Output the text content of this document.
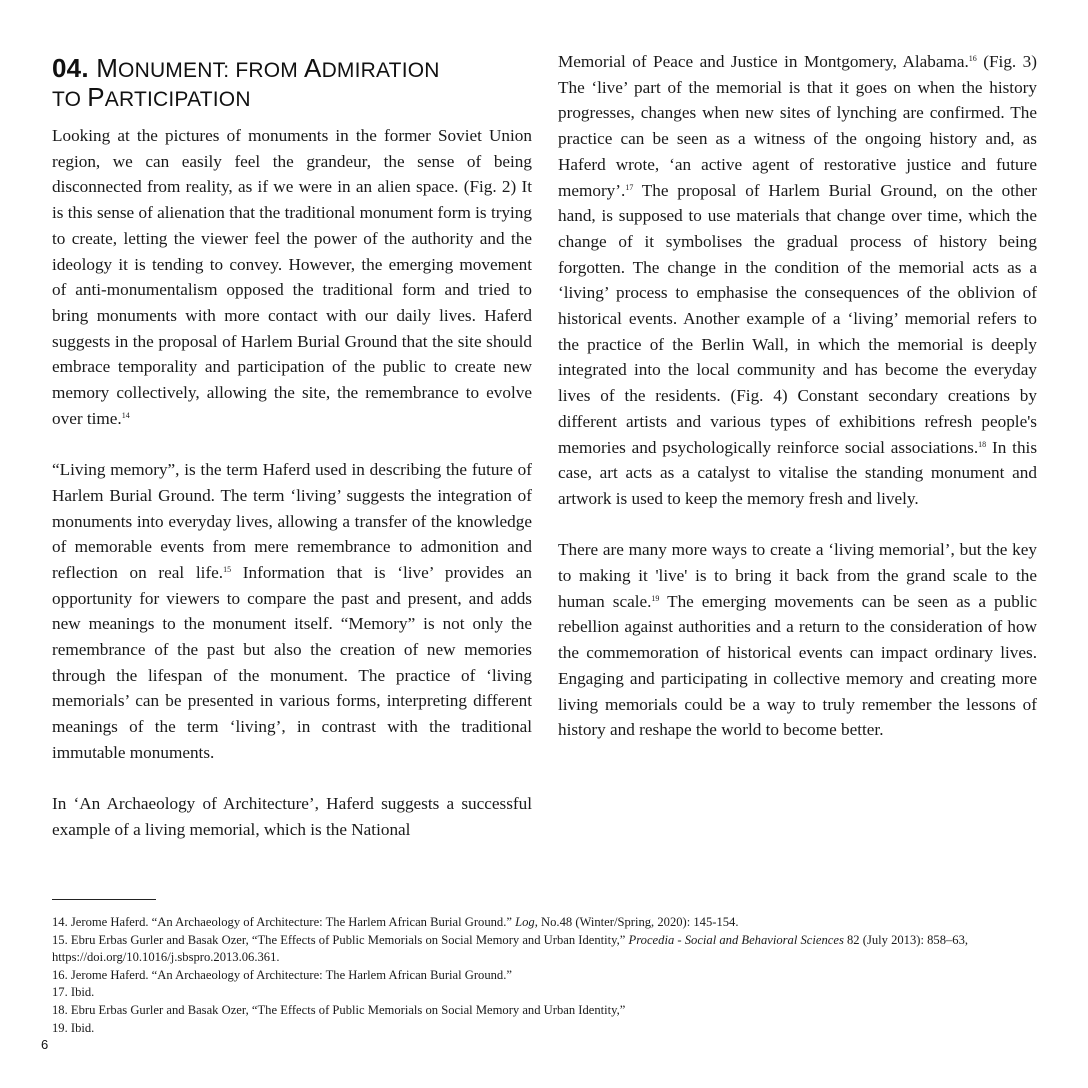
04. MONUMENT: FROM ADMIRATION
TO PARTICIPATION

Looking at the pictures of monuments in the former Soviet Union region, we can easily feel the grandeur, the sense of being disconnected from reality, as if we were in an alien space. (Fig. 2) It is this sense of alienation that the traditional monument form is trying to create, letting the viewer feel the power of the authority and the ideology it is tending to convey. However, the emerging movement of anti-monumentalism opposed the traditional form and tried to bring monuments with more contact with our daily lives. Haferd suggests in the proposal of Harlem Burial Ground that the site should embrace temporality and participation of the public to create new memory collectively, allowing the site, the remembrance to evolve over time.$^{14}$

“Living memory”, is the term Haferd used in describing the future of Harlem Burial Ground. The term ‘living’ suggests the integration of monuments into everyday lives, allowing a transfer of the knowledge of memorable events from mere remembrance to admonition and reflection on real life.$^{15}$ Information that is ‘live’ provides an opportunity for viewers to compare the past and present, and adds new meanings to the monument itself. “Memory” is not only the remembrance of the past but also the creation of new memories through the lifespan of the monument. The practice of ‘living memorials’ can be presented in various forms, interpreting different meanings of the term ‘living’, in contrast with the traditional immutable monuments.

In ‘An Archaeology of Architecture’, Haferd suggests a successful example of a living memorial, which is the National

Memorial of Peace and Justice in Montgomery, Alabama.$^{16}$ (Fig. 3) The ‘live’ part of the memorial is that it goes on when the history progresses, changes when new sites of lynching are confirmed. The practice can be seen as a witness of the ongoing history and, as Haferd wrote, ‘an active agent of restorative justice and future memory’.$^{17}$ The proposal of Harlem Burial Ground, on the other hand, is supposed to use materials that change over time, which the change of it symbolises the gradual process of history being forgotten. The change in the condition of the memorial acts as a ‘living’ process to emphasise the consequences of the oblivion of historical events. Another example of a ‘living’ memorial refers to the practice of the Berlin Wall, in which the memorial is deeply integrated into the local community and has become the everyday lives of the residents. (Fig. 4) Constant secondary creations by different artists and various types of exhibitions refresh people's memories and psychologically reinforce social associations.$^{18}$ In this case, art acts as a catalyst to vitalise the standing monument and artwork is used to keep the memory fresh and lively.

There are many more ways to create a ‘living memorial’, but the key to making it 'live' is to bring it back from the grand scale to the human scale.$^{19}$ The emerging movements can be seen as a public rebellion against authorities and a return to the consideration of how the commemoration of historical events can impact ordinary lives. Engaging and participating in collective memory and creating more living memorials could be a way to truly remember the lessons of history and reshape the world to become better.

14. Jerome Haferd. “An Archaeology of Architecture: The Harlem African Burial Ground.” Log, No.48 (Winter/Spring, 2020): 145-154.
15. Ebru Erbas Gurler and Basak Ozer, “The Effects of Public Memorials on Social Memory and Urban Identity,” Procedia - Social and Behavioral Sciences 82 (July 2013): 858–63, https://doi.org/10.1016/j.sbspro.2013.06.361.
16. Jerome Haferd. “An Archaeology of Architecture: The Harlem African Burial Ground.”
17. Ibid.
18. Ebru Erbas Gurler and Basak Ozer, “The Effects of Public Memorials on Social Memory and Urban Identity,”
19. Ibid.
6
